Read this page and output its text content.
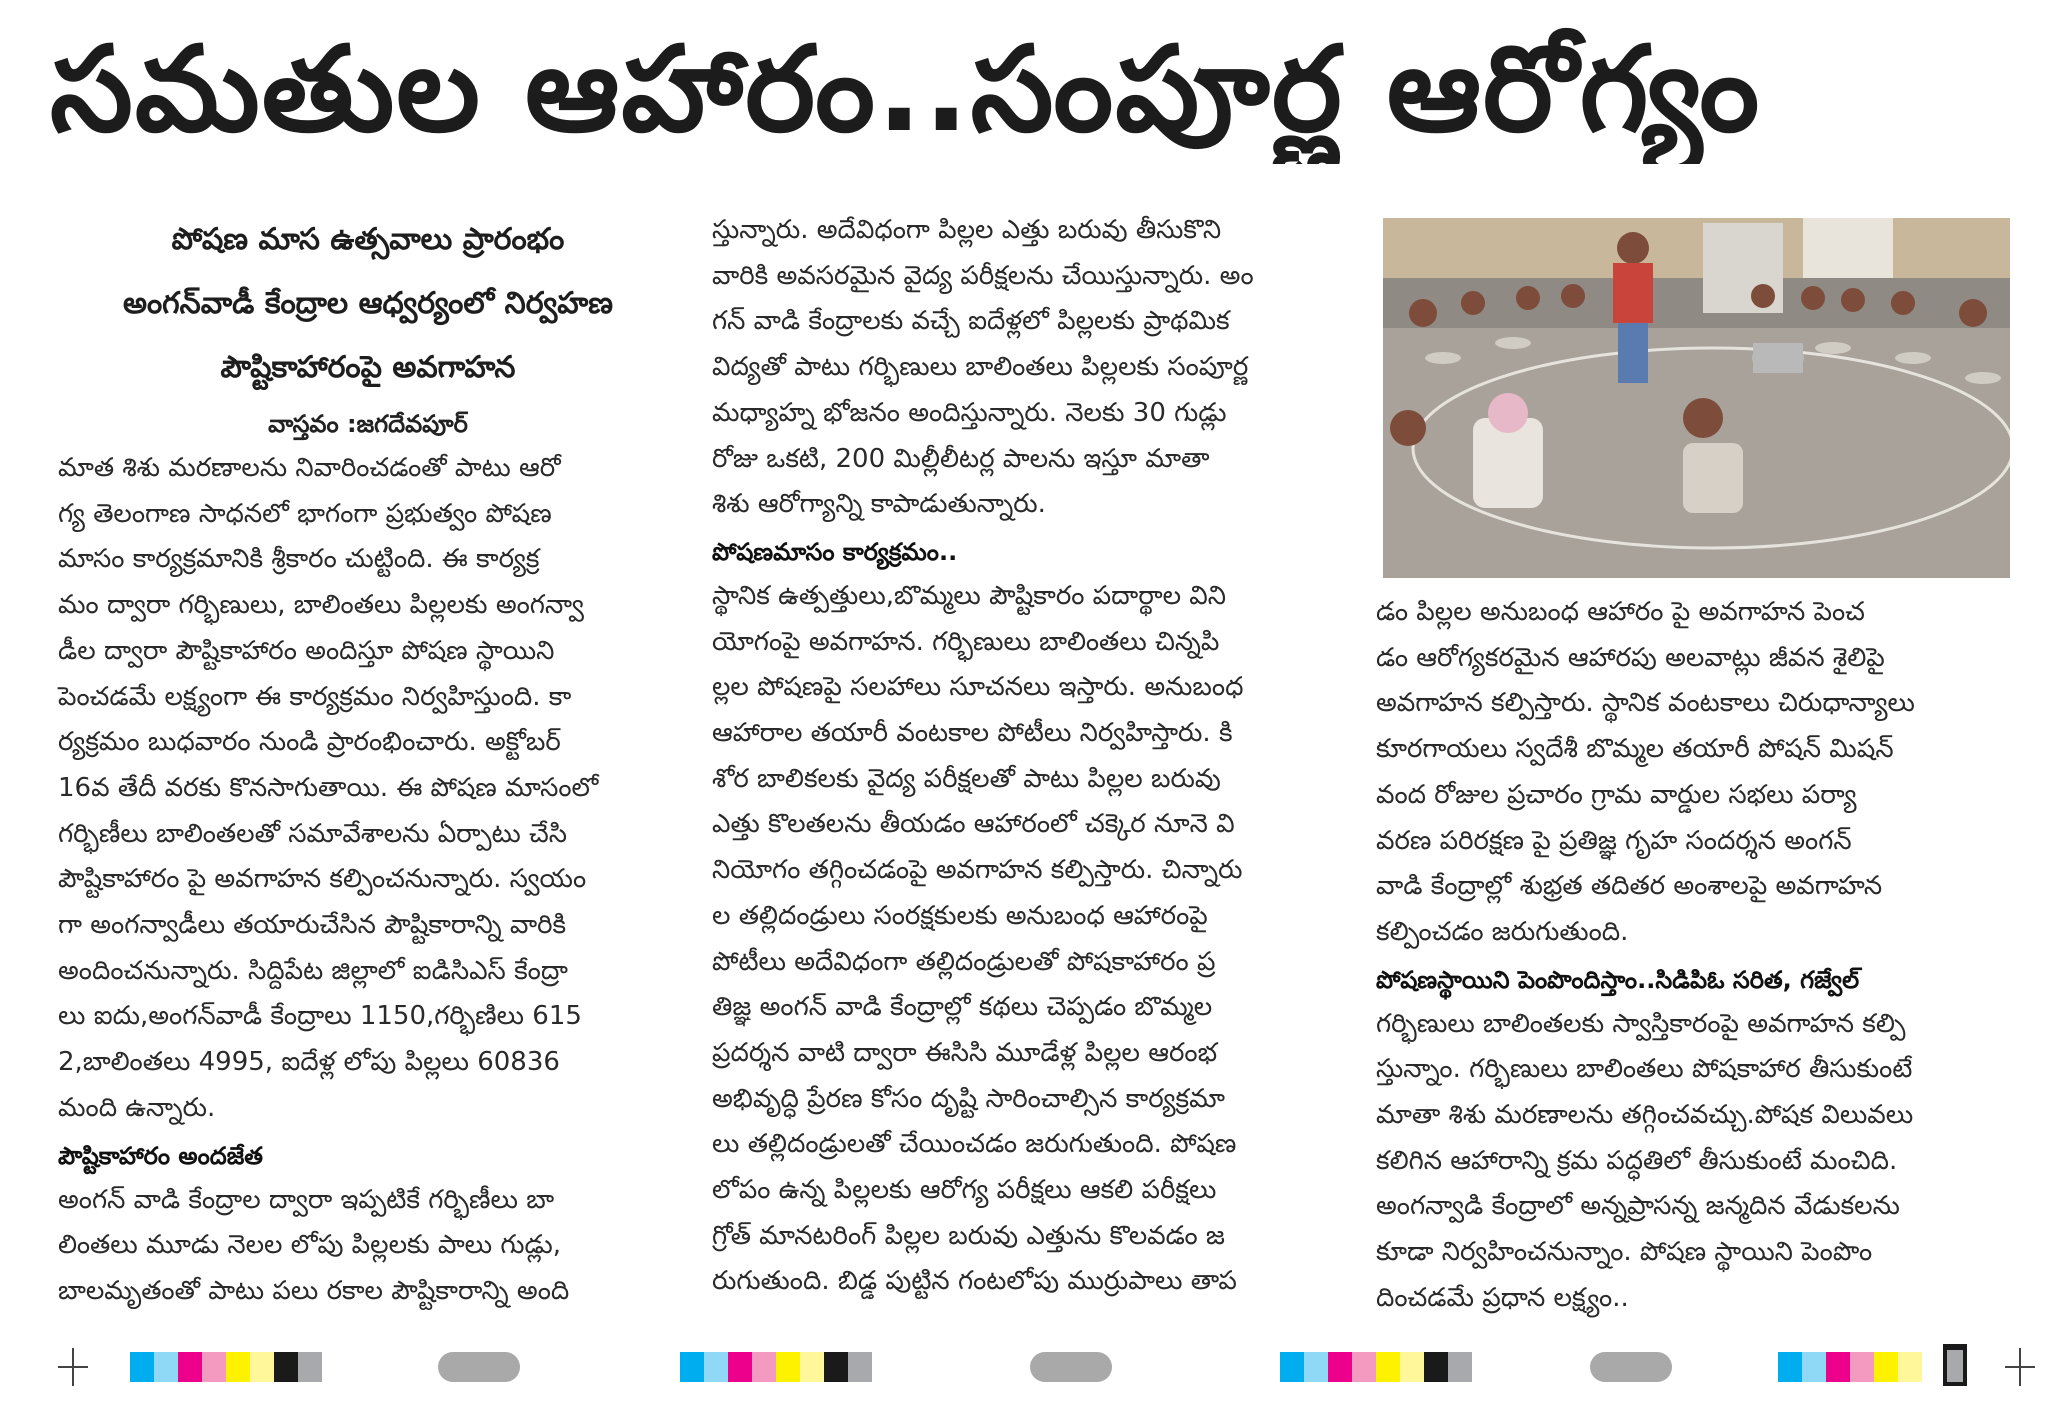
సమతుల ఆహారం..సంపూర్ణ ఆరోగ్యం
పోషణ మాస ఉత్సవాలు ప్రారంభం
అంగన్‌వాడీ కేంద్రాల ఆధ్వర్యంలో నిర్వహణ
పౌష్టికాహారంపై అవగాహన
వాస్తవం :జగదేవపూర్

మాత శిశు మరణాలను నివారించడంతో పాటు ఆరో
గ్య తెలంగాణ సాధనలో భాగంగా ప్రభుత్వం పోషణ
మాసం కార్యక్రమానికి శ్రీకారం చుట్టింది. ఈ కార్యక్ర
మం ద్వారా గర్భిణులు, బాలింతలు పిల్లలకు అంగన్వా
డీల ద్వారా పౌష్టికాహారం అందిస్తూ పోషణ స్థాయిని
పెంచడమే లక్ష్యంగా ఈ కార్యక్రమం నిర్వహిస్తుంది. కా
ర్యక్రమం బుధవారం నుండి ప్రారంభించారు. అక్టోబర్
16వ తేదీ వరకు కొనసాగుతాయి. ఈ పోషణ మాసంలో
గర్భిణీలు బాలింతలతో సమావేశాలను ఏర్పాటు చేసి
పౌష్టికాహారం పై అవగాహన కల్పించనున్నారు. స్వయం
గా అంగన్వాడీలు తయారుచేసిన పౌష్టికారాన్ని వారికి
అందించనున్నారు. సిద్దిపేట జిల్లాలో ఐడిసిఎస్ కేంద్రా
లు ఐదు,అంగన్‌వాడీ కేంద్రాలు 1150,గర్భిణిలు 615
2,బాలింతలు 4995, ఐదేళ్ల లోపు పిల్లలు 60836
మంది ఉన్నారు.

పౌష్టికాహారం అందజేత

అంగన్ వాడి కేంద్రాల ద్వారా ఇప్పటికే గర్భిణీలు బా
లింతలు మూడు నెలల లోపు పిల్లలకు పాలు గుడ్లు,
బాలమృతంతో పాటు పలు రకాల పౌష్టికారాన్ని అంది

స్తున్నారు. అదేవిధంగా పిల్లల ఎత్తు బరువు తీసుకొని
వారికి అవసరమైన వైద్య పరీక్షలను చేయిస్తున్నారు. అం
గన్ వాడి కేంద్రాలకు వచ్చే ఐదేళ్లలో పిల్లలకు ప్రాథమిక
విద్యతో పాటు గర్భిణులు బాలింతలు పిల్లలకు సంపూర్ణ
మధ్యాహ్న భోజనం అందిస్తున్నారు. నెలకు 30 గుడ్లు
రోజు ఒకటి, 200 మిల్లీలీటర్ల పాలను ఇస్తూ మాతా
శిశు ఆరోగ్యాన్ని కాపాడుతున్నారు.

పోషణమాసం కార్యక్రమం..

స్థానిక ఉత్పత్తులు,బొమ్మలు పౌష్టికారం పదార్థాల విని
యోగంపై అవగాహన. గర్భిణులు బాలింతలు చిన్నపి
ల్లల పోషణపై సలహాలు సూచనలు ఇస్తారు. అనుబంధ
ఆహారాల తయారీ వంటకాల పోటీలు నిర్వహిస్తారు. కి
శోర బాలికలకు వైద్య పరీక్షలతో పాటు పిల్లల బరువు
ఎత్తు కొలతలను తీయడం ఆహారంలో చక్కెర నూనె వి
నియోగం తగ్గించడంపై అవగాహన కల్పిస్తారు. చిన్నారు
ల తల్లిదండ్రులు సంరక్షకులకు అనుబంధ ఆహారంపై
పోటీలు అదేవిధంగా తల్లిదండ్రులతో పోషకాహారం ప్ర
తిజ్ఞ అంగన్ వాడి కేంద్రాల్లో కథలు చెప్పడం బొమ్మల
ప్రదర్శన వాటి ద్వారా ఈసిసి మూడేళ్ల పిల్లల ఆరంభ
అభివృద్ధి ప్రేరణ కోసం దృష్టి సారించాల్సిన కార్యక్రమా
లు తల్లిదండ్రులతో చేయించడం జరుగుతుంది. పోషణ
లోపం ఉన్న పిల్లలకు ఆరోగ్య పరీక్షలు ఆకలి పరీక్షలు
గ్రోత్ మానటరింగ్ పిల్లల బరువు ఎత్తును కొలవడం జ
రుగుతుంది. బిడ్డ పుట్టిన గంటలోపు ముర్రుపాలు తాప

డం పిల్లల అనుబంధ ఆహారం పై అవగాహన పెంచ
డం ఆరోగ్యకరమైన ఆహారపు అలవాట్లు జీవన శైలిపై
అవగాహన కల్పిస్తారు. స్థానిక వంటకాలు చిరుధాన్యాలు
కూరగాయలు స్వదేశీ బొమ్మల తయారీ పోషన్ మిషన్
వంద రోజుల ప్రచారం గ్రామ వార్డుల సభలు పర్యా
వరణ పరిరక్షణ పై ప్రతిజ్ఞ గృహ సందర్శన అంగన్
వాడి కేంద్రాల్లో శుభ్రత తదితర అంశాలపై అవగాహన
కల్పించడం జరుగుతుంది.

పోషణస్థాయిని పెంపొందిస్తాం..సిడిపిఓ సరిత, గజ్వేల్

గర్భిణులు బాలింతలకు స్వాస్తికారంపై అవగాహన కల్పి
స్తున్నాం. గర్భిణులు బాలింతలు పోషకాహార తీసుకుంటే
మాతా శిశు మరణాలను తగ్గించవచ్చు.పోషక విలువలు
కలిగిన ఆహారాన్ని క్రమ పద్ధతిలో తీసుకుంటే మంచిది.
అంగన్వాడి కేంద్రాలో అన్నప్రాసన్న జన్మదిన వేడుకలను
కూడా నిర్వహించనున్నాం. పోషణ స్థాయిని పెంపొం
దించడమే ప్రధాన లక్ష్యం..
